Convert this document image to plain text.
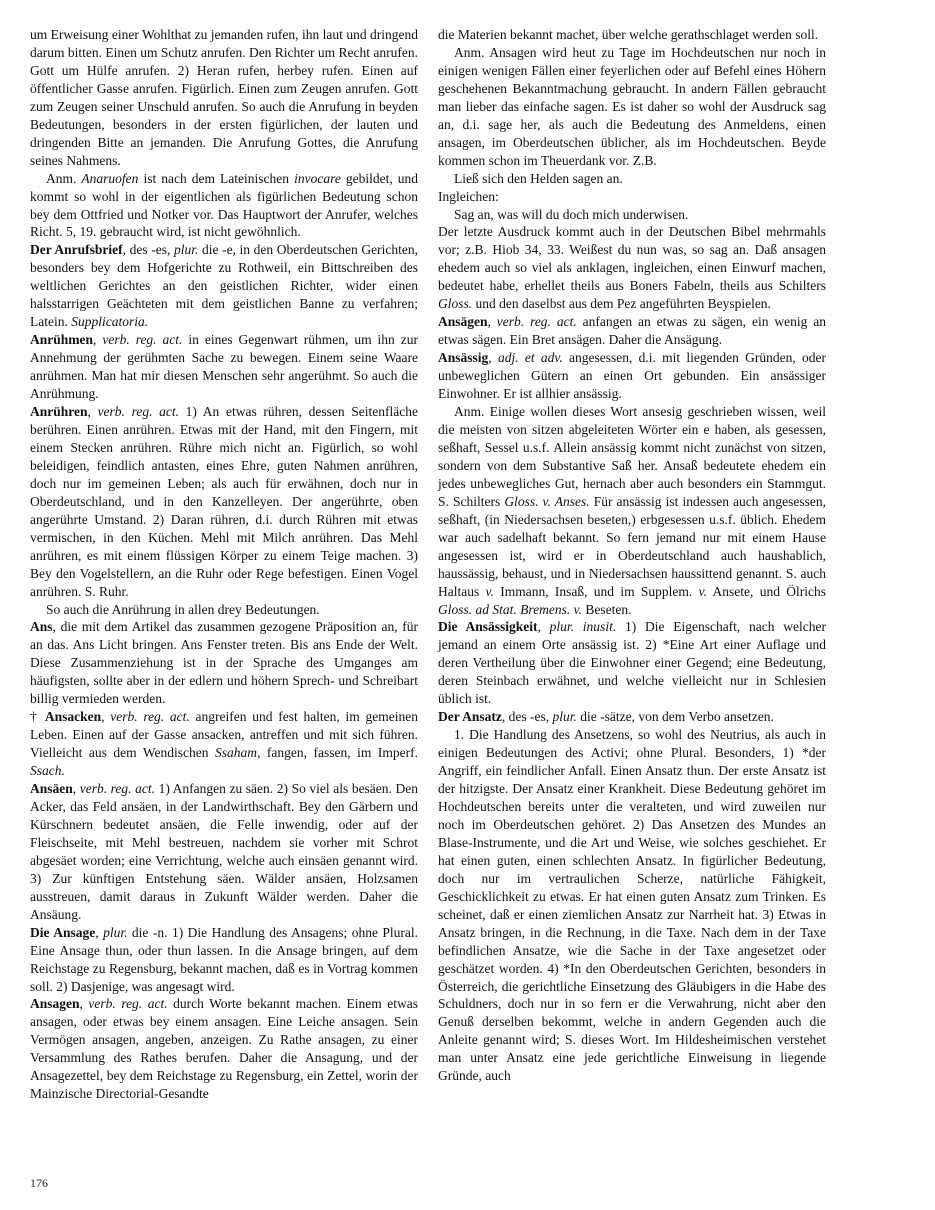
um Erweisung einer Wohlthat zu jemanden rufen, ihn laut und dringend darum bitten. Einen um Schutz anrufen. Den Richter um Recht anrufen. Gott um Hülfe anrufen. 2) Heran rufen, herbey rufen. Einen auf öffentlicher Gasse anrufen. Figürlich. Einen zum Zeugen anrufen. Gott zum Zeugen seiner Unschuld anrufen. So auch die Anrufung in beyden Bedeutungen, besonders in der ersten figürlichen, der lauten und dringenden Bitte an jemanden. Die Anrufung Gottes, die Anrufung seines Nahmens.

Anm. Anaruofen ist nach dem Lateinischen invocare gebildet, und kommt so wohl in der eigentlichen als figürlichen Bedeutung schon bey dem Ottfried und Notker vor. Das Hauptwort der Anrufer, welches Richt. 5, 19. gebraucht wird, ist nicht gewöhnlich.

Der Anrufsbrief, des -es, plur. die -e, in den Oberdeutschen Gerichten, besonders bey dem Hofgerichte zu Rothweil, ein Bittschreiben des weltlichen Gerichtes an den geistlichen Richter, wider einen halsstarrigen Geächteten mit dem geistlichen Banne zu verfahren; Latein. Supplicatoria.

Anrühmen, verb. reg. act. in eines Gegenwart rühmen, um ihn zur Annehmung der gerühmten Sache zu bewegen. Einem seine Waare anrühmen. Man hat mir diesen Menschen sehr angerühmt. So auch die Anrühmung.

Anrühren, verb. reg. act. 1) An etwas rühren, dessen Seitenfläche berühren. Einen anrühren. Etwas mit der Hand, mit den Fingern, mit einem Stecken anrühren. Rühre mich nicht an. Figürlich, so wohl beleidigen, feindlich antasten, eines Ehre, guten Nahmen anrühren, doch nur im gemeinen Leben; als auch für erwähnen, doch nur in Oberdeutschland, und in den Kanzelleyen. Der angerührte, oben angerührte Umstand. 2) Daran rühren, d.i. durch Rühren mit etwas vermischen, in den Küchen. Mehl mit Milch anrühren. Das Mehl anrühren, es mit einem flüssigen Körper zu einem Teige machen. 3) Bey den Vogelstellern, an die Ruhr oder Rege befestigen. Einen Vogel anrühren. S. Ruhr.

So auch die Anrührung in allen drey Bedeutungen.

Ans, die mit dem Artikel das zusammen gezogene Präposition an, für an das. Ans Licht bringen. Ans Fenster treten. Bis ans Ende der Welt. Diese Zusammenziehung ist in der Sprache des Umganges am häufigsten, sollte aber in der edlern und höhern Sprech- und Schreibart billig vermieden werden.

† Ansacken, verb. reg. act. angreifen und fest halten, im gemeinen Leben. Einen auf der Gasse ansacken, antreffen und mit sich führen. Vielleicht aus dem Wendischen Ssaham, fangen, fassen, im Imperf. Ssach.

Ansäen, verb. reg. act. 1) Anfangen zu säen. 2) So viel als besäen. Den Acker, das Feld ansäen, in der Landwirthschaft. Bey den Gärbern und Kürschnern bedeutet ansäen, die Felle inwendig, oder auf der Fleischseite, mit Mehl bestreuen, nachdem sie vorher mit Schrot abgesäet worden; eine Verrichtung, welche auch einsäen genannt wird. 3) Zur künftigen Entstehung säen. Wälder ansäen, Holzsamen ausstreuen, damit daraus in Zukunft Wälder werden. Daher die Ansäung.

Die Ansage, plur. die -n. 1) Die Handlung des Ansagens; ohne Plural. Eine Ansage thun, oder thun lassen. In die Ansage bringen, auf dem Reichstage zu Regensburg, bekannt machen, daß es in Vortrag kommen soll. 2) Dasjenige, was angesagt wird.

Ansagen, verb. reg. act. durch Worte bekannt machen. Einem etwas ansagen, oder etwas bey einem ansagen. Eine Leiche ansagen. Sein Vermögen ansagen, angeben, anzeigen. Zu Rathe ansagen, zu einer Versammlung des Rathes berufen. Daher die Ansagung, und der Ansagezettel, bey dem Reichstage zu Regensburg, ein Zettel, worin der Mainzische Directorial-Gesandte

die Materien bekannt machet, über welche gerathschlaget werden soll.

Anm. Ansagen wird heut zu Tage im Hochdeutschen nur noch in einigen wenigen Fällen einer feyerlichen oder auf Befehl eines Höhern geschehenen Bekanntmachung gebraucht. In andern Fällen gebraucht man lieber das einfache sagen. Es ist daher so wohl der Ausdruck sag an, d.i. sage her, als auch die Bedeutung des Anmeldens, einen ansagen, im Oberdeutschen üblicher, als im Hochdeutschen. Beyde kommen schon im Theuerdank vor. Z.B.

Ließ sich den Helden sagen an.

Ingleichen:

Sag an, was will du doch mich underwisen.

Der letzte Ausdruck kommt auch in der Deutschen Bibel mehrmahls vor; z.B. Hiob 34, 33. Weißest du nun was, so sag an. Daß ansagen ehedem auch so viel als anklagen, ingleichen, einen Einwurf machen, bedeutet habe, erhellet theils aus Boners Fabeln, theils aus Schilters Gloss. und den daselbst aus dem Pez angeführten Beyspielen.

Ansägen, verb. reg. act. anfangen an etwas zu sägen, ein wenig an etwas sägen. Ein Bret ansägen. Daher die Ansägung.

Ansässig, adj. et adv. angesessen, d.i. mit liegenden Gründen, oder unbeweglichen Gütern an einen Ort gebunden. Ein ansässiger Einwohner. Er ist allhier ansässig.

Anm. Einige wollen dieses Wort ansesig geschrieben wissen, weil die meisten von sitzen abgeleiteten Wörter ein e haben, als gesessen, seßhaft, Sessel u.s.f. Allein ansässig kommt nicht zunächst von sitzen, sondern von dem Substantive Saß her. Ansaß bedeutete ehedem ein jedes unbewegliches Gut, hernach aber auch besonders ein Stammgut. S. Schilters Gloss. v. Anses. Für ansässig ist indessen auch angesessen, seßhaft, (in Niedersachsen beseten,) erbgesessen u.s.f. üblich. Ehedem war auch sadelhaft bekannt. So fern jemand nur mit einem Hause angesessen ist, wird er in Oberdeutschland auch haushablich, haussässig, behaust, und in Niedersachsen haussittend genannt. S. auch Haltaus v. Immann, Insaß, und im Supplem. v. Ansete, und Ölrichs Gloss. ad Stat. Bremens. v. Beseten.

Die Ansässigkeit, plur. inusit. 1) Die Eigenschaft, nach welcher jemand an einem Orte ansässig ist. 2) *Eine Art einer Auflage und deren Vertheilung über die Einwohner einer Gegend; eine Bedeutung, deren Steinbach erwähnet, und welche vielleicht nur in Schlesien üblich ist.

Der Ansatz, des -es, plur. die -sätze, von dem Verbo ansetzen.

1. Die Handlung des Ansetzens, so wohl des Neutrius, als auch in einigen Bedeutungen des Activi; ohne Plural. Besonders, 1) *der Angriff, ein feindlicher Anfall. Einen Ansatz thun. Der erste Ansatz ist der hitzigste. Der Ansatz einer Krankheit. Diese Bedeutung gehöret im Hochdeutschen bereits unter die veralteten, und wird zuweilen nur noch im Oberdeutschen gehöret. 2) Das Ansetzen des Mundes an Blase-Instrumente, und die Art und Weise, wie solches geschiehet. Er hat einen guten, einen schlechten Ansatz. In figürlicher Bedeutung, doch nur im vertraulichen Scherze, natürliche Fähigkeit, Geschicklichkeit zu etwas. Er hat einen guten Ansatz zum Trinken. Es scheinet, daß er einen ziemlichen Ansatz zur Narrheit hat. 3) Etwas in Ansatz bringen, in die Rechnung, in die Taxe. Nach dem in der Taxe befindlichen Ansatze, wie die Sache in der Taxe angesetzet oder geschätzet worden. 4) *In den Oberdeutschen Gerichten, besonders in Österreich, die gerichtliche Einsetzung des Gläubigers in die Habe des Schuldners, doch nur in so fern er die Verwahrung, nicht aber den Genuß derselben bekommt, welche in andern Gegenden auch die Anleite genannt wird; S. dieses Wort. Im Hildesheimischen verstehet man unter Ansatz eine jede gerichtliche Einweisung in liegende Gründe, auch

176
